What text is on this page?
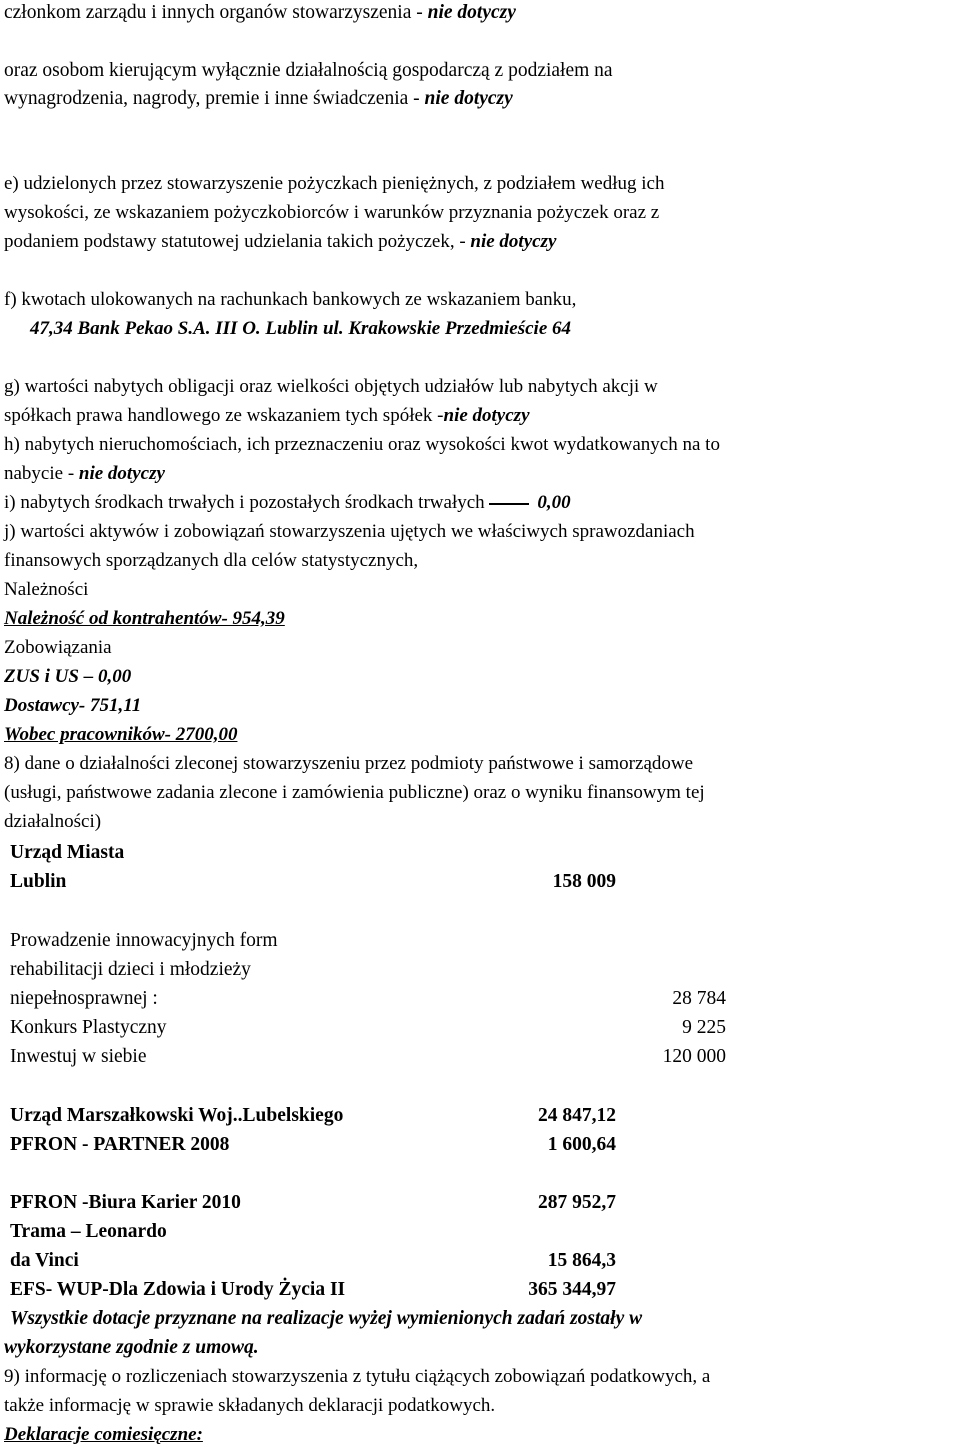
członkom zarządu i innych organów stowarzyszenia - nie dotyczy
oraz osobom kierującym wyłącznie działalnością gospodarczą z podziałem na
wynagrodzenia, nagrody, premie i inne świadczenia - nie dotyczy
e) udzielonych przez stowarzyszenie pożyczkach pieniężnych, z podziałem według ich
wysokości, ze wskazaniem pożyczkobiorców i warunków przyznania pożyczek oraz z
podaniem podstawy statutowej udzielania takich pożyczek, - nie dotyczy
f) kwotach ulokowanych na rachunkach bankowych ze wskazaniem banku,
47,34 Bank Pekao S.A. III O. Lublin ul. Krakowskie Przedmieście 64
g) wartości nabytych obligacji oraz wielkości objętych udziałów lub nabytych akcji w
spółkach prawa handlowego ze wskazaniem tych spółek -nie dotyczy
h) nabytych nieruchomościach, ich przeznaczeniu oraz wysokości kwot wydatkowanych na to
nabycie - nie dotyczy
i) nabytych środkach trwałych i pozostałych środkach trwałych	0,00
j) wartości aktywów i zobowiązań stowarzyszenia ujętych we właściwych sprawozdaniach
finansowych sporządzanych dla celów statystycznych,
Należności
Należność od kontrahentów- 954,39
Zobowiązania
ZUS i US – 0,00
Dostawcy- 751,11
Wobec pracowników- 2700,00
8) dane o działalności zleconej stowarzyszeniu przez podmioty państwowe i samorządowe
(usługi, państwowe zadania zlecone i zamówienia publiczne) oraz o wyniku finansowym tej
działalności)
Urząd Miasta
Lublin	158 009
Prowadzenie innowacyjnych form
rehabilitacji dzieci i młodzieży
niepełnosprawnej :	28 784
Konkurs Plastyczny	9 225
Inwestuj w siebie	120 000
Urząd Marszałkowski Woj..Lubelskiego	24 847,12
PFRON - PARTNER 2008	1 600,64
PFRON -Biura Karier 2010	287 952,7
Trama – Leonardo
da Vinci	15 864,3
EFS- WUP-Dla Zdowia i Urody Życia II	365 344,97
Wszystkie dotacje przyznane na realizacje wyżej wymienionych zadań zostały w
wykorzystane zgodnie z umową.
9) informację o rozliczeniach stowarzyszenia z tytułu ciążących zobowiązań podatkowych, a
także informację w sprawie składanych deklaracji podatkowych.
Deklaracje comiesięczne:
